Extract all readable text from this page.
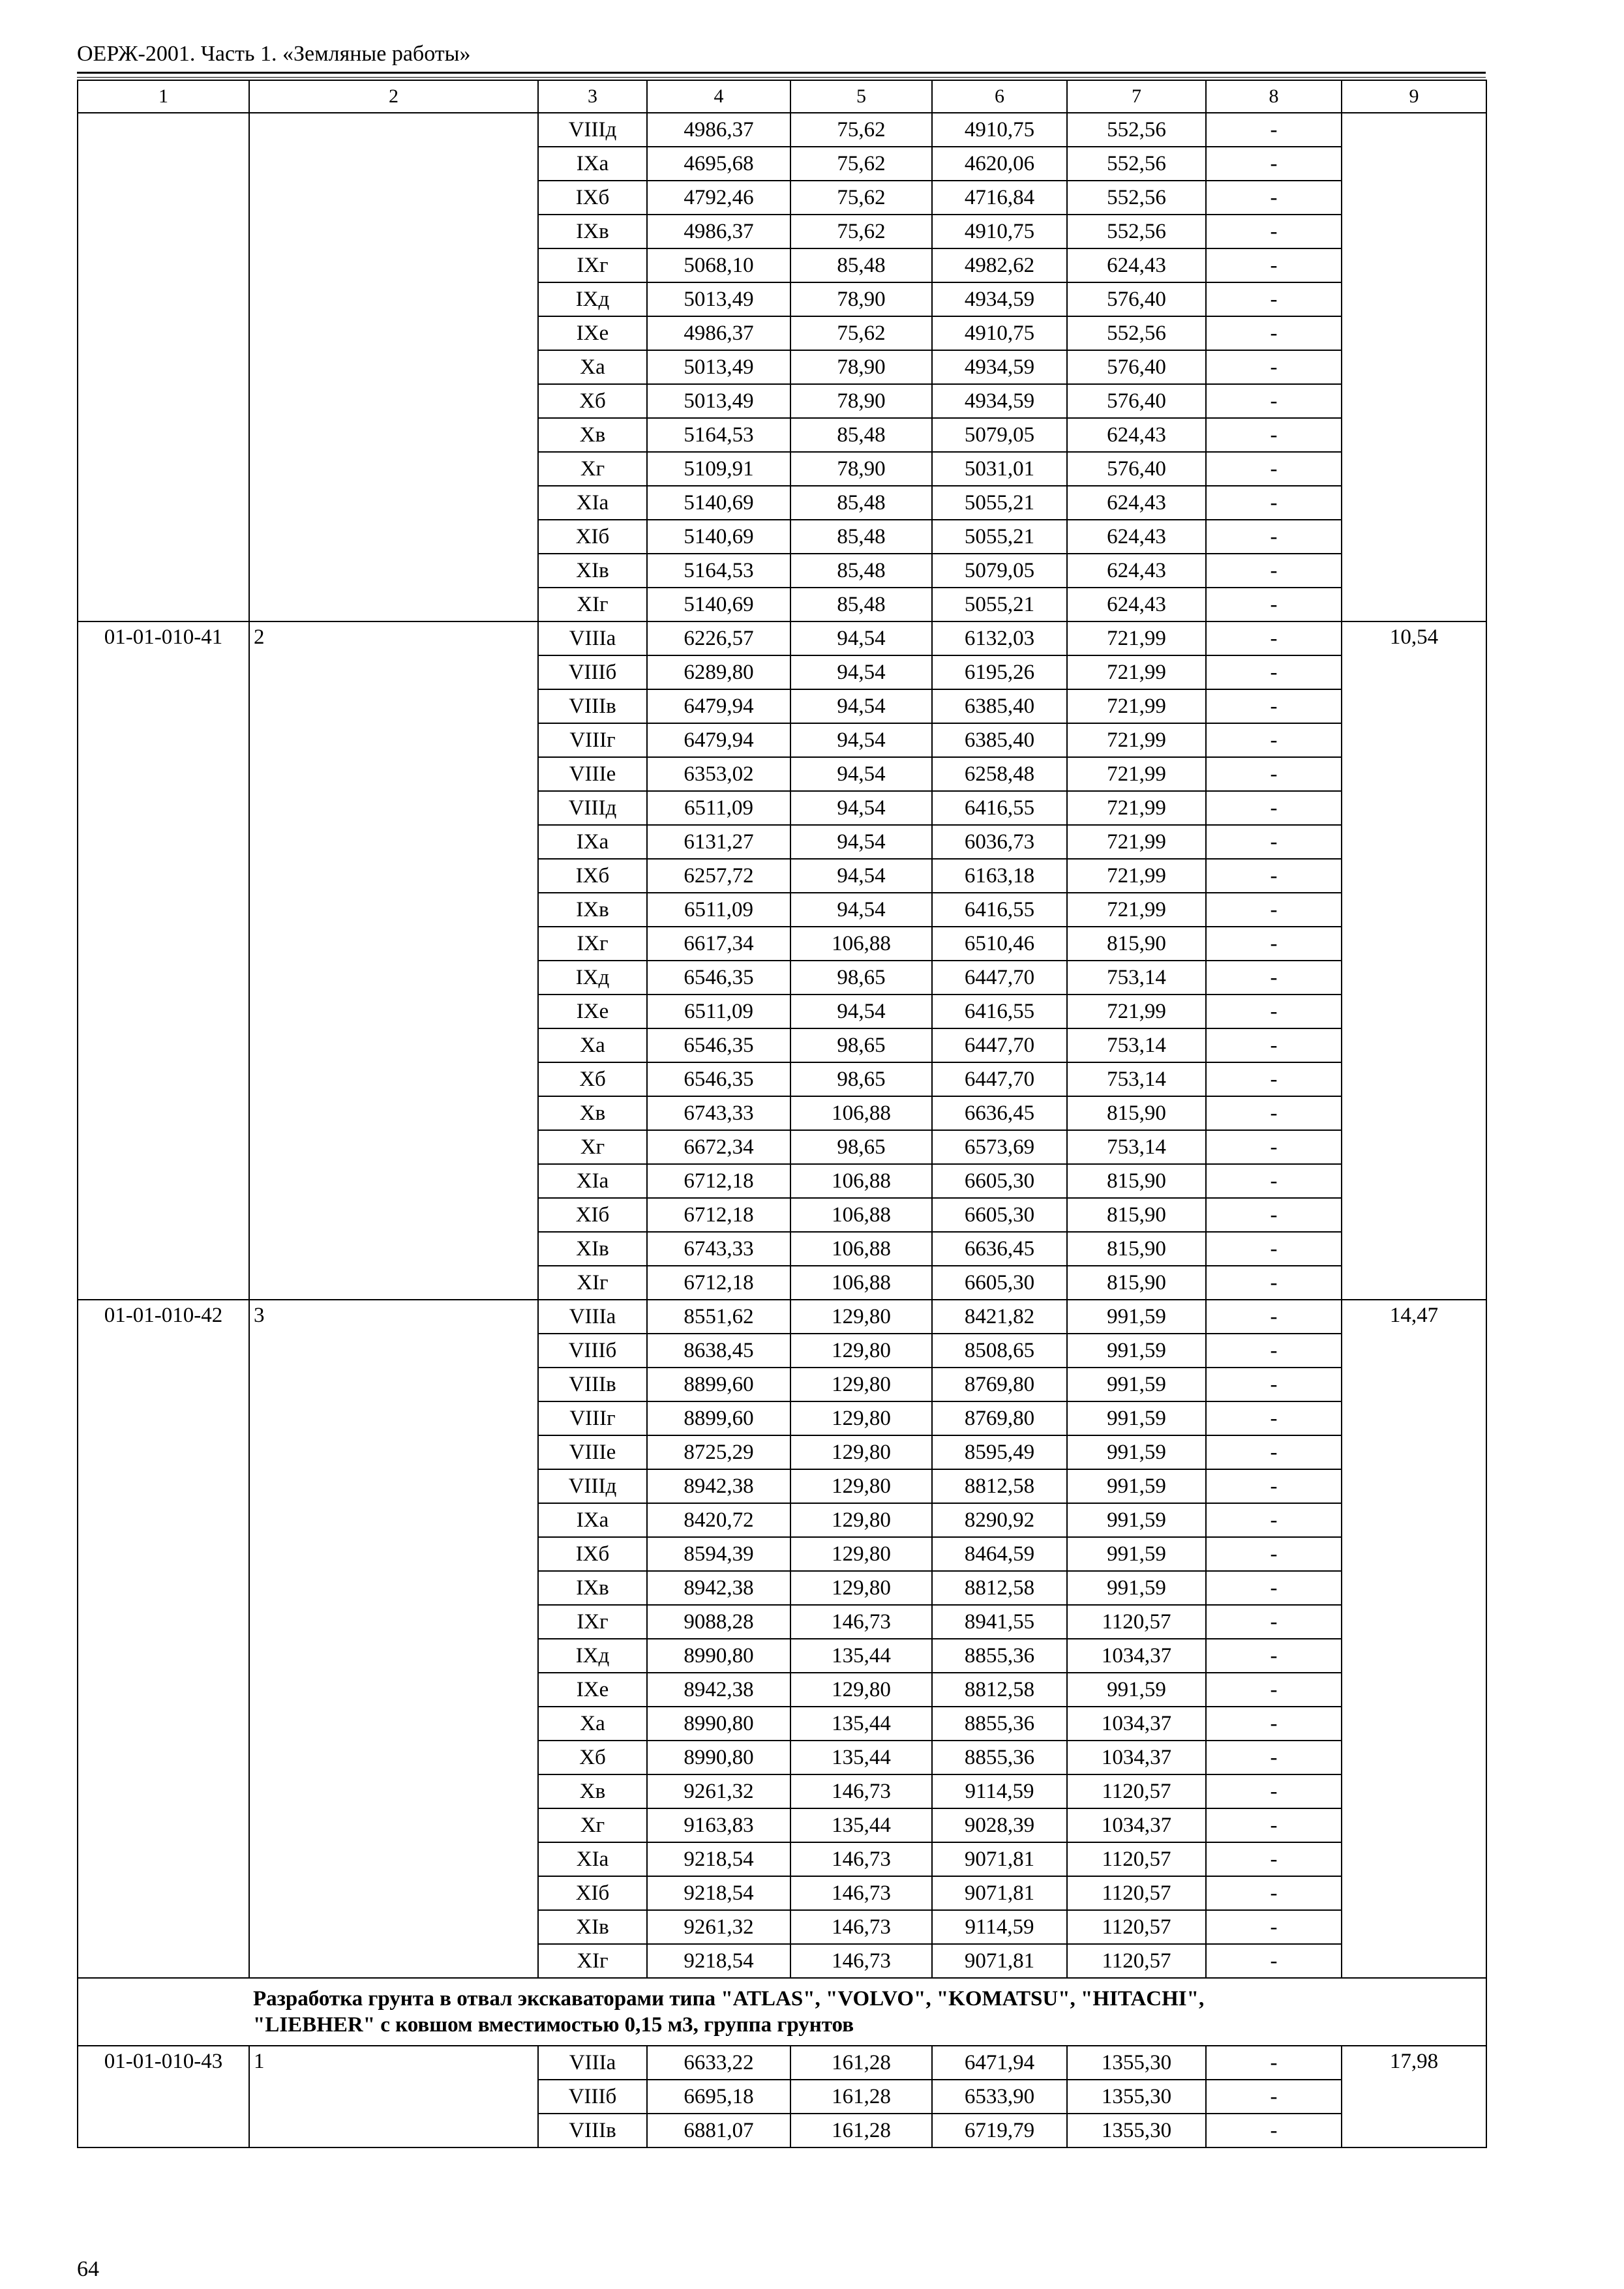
ОЕРЖ-2001. Часть 1. «Земляные работы»
1	2	3	4	5	6	7	8	9
		VIIIд	4986,37	75,62	4910,75	552,56	-	
		IXа	4695,68	75,62	4620,06	552,56	-	
		IXб	4792,46	75,62	4716,84	552,56	-	
		IXв	4986,37	75,62	4910,75	552,56	-	
		IXг	5068,10	85,48	4982,62	624,43	-	
		IXд	5013,49	78,90	4934,59	576,40	-	
		IXе	4986,37	75,62	4910,75	552,56	-	
		Xа	5013,49	78,90	4934,59	576,40	-	
		Xб	5013,49	78,90	4934,59	576,40	-	
		Xв	5164,53	85,48	5079,05	624,43	-	
		Xг	5109,91	78,90	5031,01	576,40	-	
		XIа	5140,69	85,48	5055,21	624,43	-	
		XIб	5140,69	85,48	5055,21	624,43	-	
		XIв	5164,53	85,48	5079,05	624,43	-	
		XIг	5140,69	85,48	5055,21	624,43	-	
01-01-010-41	2	VIIIа	6226,57	94,54	6132,03	721,99	-	10,54
		VIIIб	6289,80	94,54	6195,26	721,99	-	
		VIIIв	6479,94	94,54	6385,40	721,99	-	
		VIIIг	6479,94	94,54	6385,40	721,99	-	
		VIIIе	6353,02	94,54	6258,48	721,99	-	
		VIIIд	6511,09	94,54	6416,55	721,99	-	
		IXа	6131,27	94,54	6036,73	721,99	-	
		IXб	6257,72	94,54	6163,18	721,99	-	
		IXв	6511,09	94,54	6416,55	721,99	-	
		IXг	6617,34	106,88	6510,46	815,90	-	
		IXд	6546,35	98,65	6447,70	753,14	-	
		IXе	6511,09	94,54	6416,55	721,99	-	
		Xа	6546,35	98,65	6447,70	753,14	-	
		Xб	6546,35	98,65	6447,70	753,14	-	
		Xв	6743,33	106,88	6636,45	815,90	-	
		Xг	6672,34	98,65	6573,69	753,14	-	
		XIа	6712,18	106,88	6605,30	815,90	-	
		XIб	6712,18	106,88	6605,30	815,90	-	
		XIв	6743,33	106,88	6636,45	815,90	-	
		XIг	6712,18	106,88	6605,30	815,90	-	
01-01-010-42	3	VIIIа	8551,62	129,80	8421,82	991,59	-	14,47
		VIIIб	8638,45	129,80	8508,65	991,59	-	
		VIIIв	8899,60	129,80	8769,80	991,59	-	
		VIIIг	8899,60	129,80	8769,80	991,59	-	
		VIIIе	8725,29	129,80	8595,49	991,59	-	
		VIIIд	8942,38	129,80	8812,58	991,59	-	
		IXа	8420,72	129,80	8290,92	991,59	-	
		IXб	8594,39	129,80	8464,59	991,59	-	
		IXв	8942,38	129,80	8812,58	991,59	-	
		IXг	9088,28	146,73	8941,55	1120,57	-	
		IXд	8990,80	135,44	8855,36	1034,37	-	
		IXе	8942,38	129,80	8812,58	991,59	-	
		Xа	8990,80	135,44	8855,36	1034,37	-	
		Xб	8990,80	135,44	8855,36	1034,37	-	
		Xв	9261,32	146,73	9114,59	1120,57	-	
		Xг	9163,83	135,44	9028,39	1034,37	-	
		XIа	9218,54	146,73	9071,81	1120,57	-	
		XIб	9218,54	146,73	9071,81	1120,57	-	
		XIв	9261,32	146,73	9114,59	1120,57	-	
		XIг	9218,54	146,73	9071,81	1120,57	-	

	Разработка грунта в отвал экскаваторами типа "ATLAS", "VOLVO", "KOMATSU", "HITACHI",
"LIEBHER" с ковшом вместимостью 0,15 м3, группа грунтов							

01-01-010-43	1	VIIIа	6633,22	161,28	6471,94	1355,30	-	17,98
		VIIIб	6695,18	161,28	6533,90	1355,30	-	
		VIIIв	6881,07	161,28	6719,79	1355,30	-	
64
